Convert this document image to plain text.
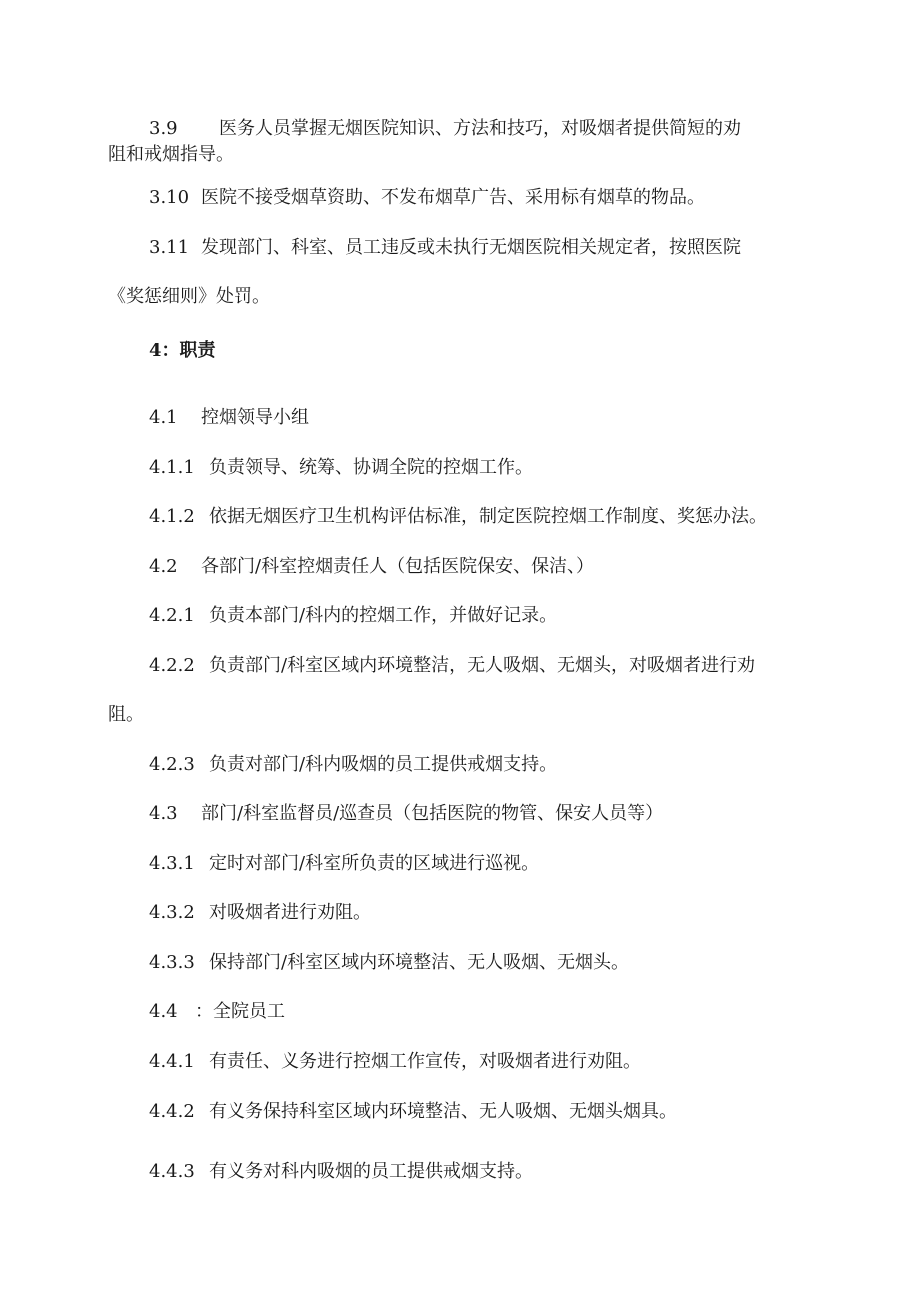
3.9 医务人员掌握无烟医院知识、方法和技巧，对吸烟者提供简短的劝
阻和戒烟指导。
3.10 医院不接受烟草资助、不发布烟草广告、采用标有烟草的物品。
3.11 发现部门、科室、员工违反或未执行无烟医院相关规定者，按照医院
《奖惩细则》处罚。
4：职责
4.1 控烟领导小组
4.1.1 负责领导、统筹、协调全院的控烟工作。
4.1.2 依据无烟医疗卫生机构评估标准，制定医院控烟工作制度、奖惩办法。
4.2 各部门/科室控烟责任人（包括医院保安、保洁、）
4.2.1 负责本部门/科内的控烟工作，并做好记录。
4.2.2 负责部门/科室区域内环境整洁，无人吸烟、无烟头，对吸烟者进行劝
阻。
4.2.3 负责对部门/科内吸烟的员工提供戒烟支持。
4.3 部门/科室监督员/巡查员（包括医院的物管、保安人员等）
4.3.1 定时对部门/科室所负责的区域进行巡视。
4.3.2 对吸烟者进行劝阻。
4.3.3 保持部门/科室区域内环境整洁、无人吸烟、无烟头。
4.4 ：全院员工
4.4.1 有责任、义务进行控烟工作宣传，对吸烟者进行劝阻。
4.4.2 有义务保持科室区域内环境整洁、无人吸烟、无烟头烟具。
4.4.3 有义务对科内吸烟的员工提供戒烟支持。
